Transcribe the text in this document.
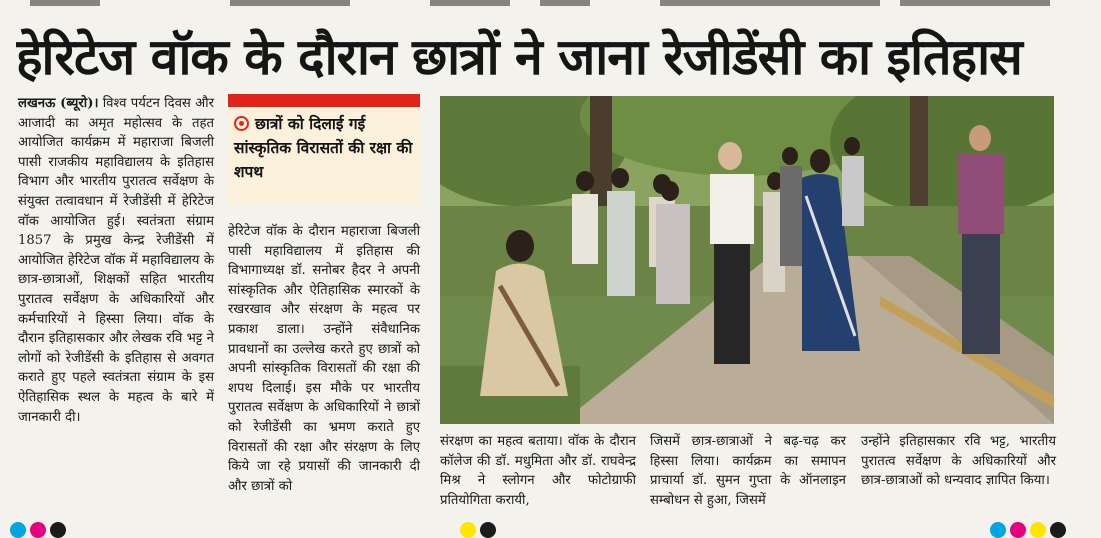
हेरिटेज वॉक के दौरान छात्रों ने जाना रेजीडेंसी का इतिहास

लखनऊ (ब्यूरो)। विश्व पर्यटन दिवस और आजादी का अमृत महोत्सव के तहत आयोजित कार्यक्रम में महाराजा बिजली पासी राजकीय महाविद्यालय के इतिहास विभाग और भारतीय पुरातत्व सर्वेक्षण के संयुक्त तत्वावधान में रेजीडेंसी में हेरिटेज वॉक आयोजित हुई। स्वतंत्रता संग्राम 1857 के प्रमुख केन्द्र रेजीडेंसी में आयोजित हेरिटेज वॉक में महाविद्यालय के छात्र-छात्राओं, शिक्षकों सहित भारतीय पुरातत्व सर्वेक्षण के अधिकारियों और कर्मचारियों ने हिस्सा लिया। वॉक के दौरान इतिहासकार और लेखक रवि भट्ट ने लोगों को रेजीडेंसी के इतिहास से अवगत कराते हुए पहले स्वतंत्रता संग्राम के इस ऐतिहासिक स्थल के महत्व के बारे में जानकारी दी।

छात्रों को दिलाई गई सांस्कृतिक विरासतों की रक्षा की शपथ

हेरिटेज वॉक के दौरान महाराजा बिजली पासी महाविद्यालय में इतिहास की विभागाध्यक्ष डॉ. सनोबर हैदर ने अपनी सांस्कृतिक और ऐतिहासिक स्मारकों के रखरखाव और संरक्षण के महत्व पर प्रकाश डाला। उन्होंने संवैधानिक प्रावधानों का उल्लेख करते हुए छात्रों को अपनी सांस्कृतिक विरासतों की रक्षा की शपथ दिलाई। इस मौके पर भारतीय पुरातत्व सर्वेक्षण के अधिकारियों ने छात्रों को रेजीडेंसी का भ्रमण कराते हुए विरासतों की रक्षा और संरक्षण के लिए किये जा रहे प्रयासों की जानकारी दी और छात्रों को

संरक्षण का महत्व बताया। वॉक के दौरान कॉलेज की डॉ. मधुमिता और डॉ. राघवेन्द्र मिश्र ने स्लोगन और फोटोग्राफी प्रतियोगिता करायी,

जिसमें छात्र-छात्राओं ने बढ़-चढ़ कर हिस्सा लिया। कार्यक्रम का समापन प्राचार्या डॉ. सुमन गुप्ता के ऑनलाइन सम्बोधन से हुआ, जिसमें

उन्होंने इतिहासकार रवि भट्ट, भारतीय पुरातत्व सर्वेक्षण के अधिकारियों और छात्र-छात्राओं को धन्यवाद ज्ञापित किया।
